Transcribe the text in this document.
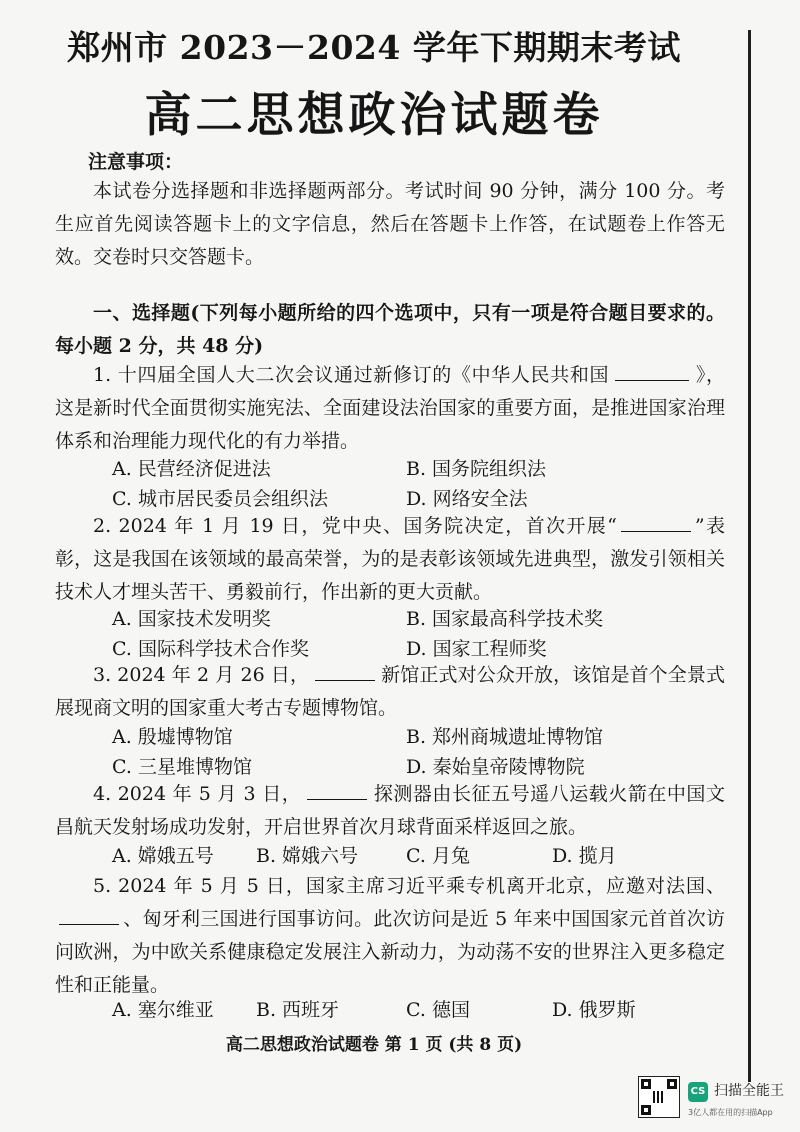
郑州市 2023－2024 学年下期期末考试
高二思想政治试题卷
注意事项：
本试卷分选择题和非选择题两部分。考试时间 90 分钟，满分 100 分。考生应首先阅读答题卡上的文字信息，然后在答题卡上作答，在试题卷上作答无效。交卷时只交答题卡。
一、选择题(下列每小题所给的四个选项中，只有一项是符合题目要求的。每小题 2 分，共 48 分)
1. 十四届全国人大二次会议通过新修订的《中华人民共和国	》，这是新时代全面贯彻实施宪法、全面建设法治国家的重要方面，是推进国家治理体系和治理能力现代化的有力举措。
A. 民营经济促进法	B. 国务院组织法
C. 城市居民委员会组织法	D. 网络安全法
2. 2024 年 1 月 19 日，党中央、国务院决定，首次开展“	”表彰，这是我国在该领域的最高荣誉，为的是表彰该领域先进典型，激发引领相关技术人才埋头苦干、勇毅前行，作出新的更大贡献。
A. 国家技术发明奖	B. 国家最高科学技术奖
C. 国际科学技术合作奖	D. 国家工程师奖
3. 2024 年 2 月 26 日，	新馆正式对公众开放，该馆是首个全景式展现商文明的国家重大考古专题博物馆。
A. 殷墟博物馆	B. 郑州商城遗址博物馆
C. 三星堆博物馆	D. 秦始皇帝陵博物院
4. 2024 年 5 月 3 日，	探测器由长征五号遥八运载火箭在中国文昌航天发射场成功发射，开启世界首次月球背面采样返回之旅。
A. 嫦娥五号 B. 嫦娥六号	C. 月兔	D. 揽月
5. 2024 年 5 月 5 日，国家主席习近平乘专机离开北京，应邀对法国、、匈牙利三国进行国事访问。此次访问是近 5 年来中国国家元首首次访问欧洲，为中欧关系健康稳定发展注入新动力，为动荡不安的世界注入更多稳定性和正能量。
A. 塞尔维亚 B. 西班牙	C. 德国	D. 俄罗斯
高二思想政治试题卷 第 1 页 (共 8 页)
CS 扫描全能王
3亿人都在用的扫描App
